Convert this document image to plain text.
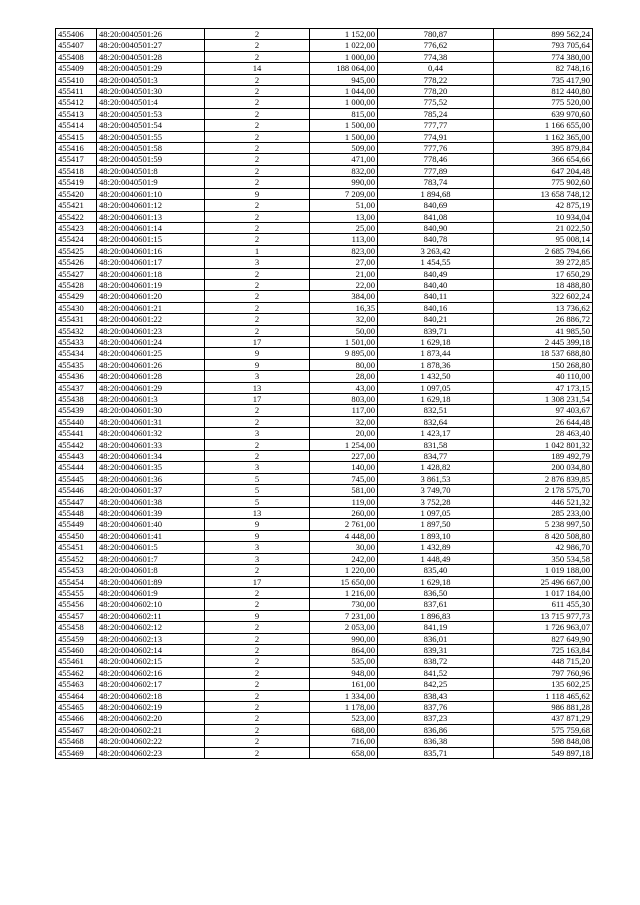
455406	48:20:0040501:26	2	1 152,00	780,87	899 562,24
455407	48:20:0040501:27	2	1 022,00	776,62	793 705,64
455408	48:20:0040501:28	2	1 000,00	774,38	774 380,00
455409	48:20:0040501:29	14	188 064,00	0,44	82 748,16
455410	48:20:0040501:3	2	945,00	778,22	735 417,90
455411	48:20:0040501:30	2	1 044,00	778,20	812 440,80
455412	48:20:0040501:4	2	1 000,00	775,52	775 520,00
455413	48:20:0040501:53	2	815,00	785,24	639 970,60
455414	48:20:0040501:54	2	1 500,00	777,77	1 166 655,00
455415	48:20:0040501:55	2	1 500,00	774,91	1 162 365,00
455416	48:20:0040501:58	2	509,00	777,76	395 879,84
455417	48:20:0040501:59	2	471,00	778,46	366 654,66
455418	48:20:0040501:8	2	832,00	777,89	647 204,48
455419	48:20:0040501:9	2	990,00	783,74	775 902,60
455420	48:20:0040601:10	9	7 209,00	1 894,68	13 658 748,12
455421	48:20:0040601:12	2	51,00	840,69	42 875,19
455422	48:20:0040601:13	2	13,00	841,08	10 934,04
455423	48:20:0040601:14	2	25,00	840,90	21 022,50
455424	48:20:0040601:15	2	113,00	840,78	95 008,14
455425	48:20:0040601:16	1	823,00	3 263,42	2 685 794,66
455426	48:20:0040601:17	3	27,00	1 454,55	39 272,85
455427	48:20:0040601:18	2	21,00	840,49	17 650,29
455428	48:20:0040601:19	2	22,00	840,40	18 488,80
455429	48:20:0040601:20	2	384,00	840,11	322 602,24
455430	48:20:0040601:21	2	16,35	840,16	13 736,62
455431	48:20:0040601:22	2	32,00	840,21	26 886,72
455432	48:20:0040601:23	2	50,00	839,71	41 985,50
455433	48:20:0040601:24	17	1 501,00	1 629,18	2 445 399,18
455434	48:20:0040601:25	9	9 895,00	1 873,44	18 537 688,80
455435	48:20:0040601:26	9	80,00	1 878,36	150 268,80
455436	48:20:0040601:28	3	28,00	1 432,50	40 110,00
455437	48:20:0040601:29	13	43,00	1 097,05	47 173,15
455438	48:20:0040601:3	17	803,00	1 629,18	1 308 231,54
455439	48:20:0040601:30	2	117,00	832,51	97 403,67
455440	48:20:0040601:31	2	32,00	832,64	26 644,48
455441	48:20:0040601:32	3	20,00	1 423,17	28 463,40
455442	48:20:0040601:33	2	1 254,00	831,58	1 042 801,32
455443	48:20:0040601:34	2	227,00	834,77	189 492,79
455444	48:20:0040601:35	3	140,00	1 428,82	200 034,80
455445	48:20:0040601:36	5	745,00	3 861,53	2 876 839,85
455446	48:20:0040601:37	5	581,00	3 749,70	2 178 575,70
455447	48:20:0040601:38	5	119,00	3 752,28	446 521,32
455448	48:20:0040601:39	13	260,00	1 097,05	285 233,00
455449	48:20:0040601:40	9	2 761,00	1 897,50	5 238 997,50
455450	48:20:0040601:41	9	4 448,00	1 893,10	8 420 508,80
455451	48:20:0040601:5	3	30,00	1 432,89	42 986,70
455452	48:20:0040601:7	3	242,00	1 448,49	350 534,58
455453	48:20:0040601:8	2	1 220,00	835,40	1 019 188,00
455454	48:20:0040601:89	17	15 650,00	1 629,18	25 496 667,00
455455	48:20:0040601:9	2	1 216,00	836,50	1 017 184,00
455456	48:20:0040602:10	2	730,00	837,61	611 455,30
455457	48:20:0040602:11	9	7 231,00	1 896,83	13 715 977,73
455458	48:20:0040602:12	2	2 053,00	841,19	1 726 963,07
455459	48:20:0040602:13	2	990,00	836,01	827 649,90
455460	48:20:0040602:14	2	864,00	839,31	725 163,84
455461	48:20:0040602:15	2	535,00	838,72	448 715,20
455462	48:20:0040602:16	2	948,00	841,52	797 760,96
455463	48:20:0040602:17	2	161,00	842,25	135 602,25
455464	48:20:0040602:18	2	1 334,00	838,43	1 118 465,62
455465	48:20:0040602:19	2	1 178,00	837,76	986 881,28
455466	48:20:0040602:20	2	523,00	837,23	437 871,29
455467	48:20:0040602:21	2	688,00	836,86	575 759,68
455468	48:20:0040602:22	2	716,00	836,38	598 848,08
455469	48:20:0040602:23	2	658,00	835,71	549 897,18
